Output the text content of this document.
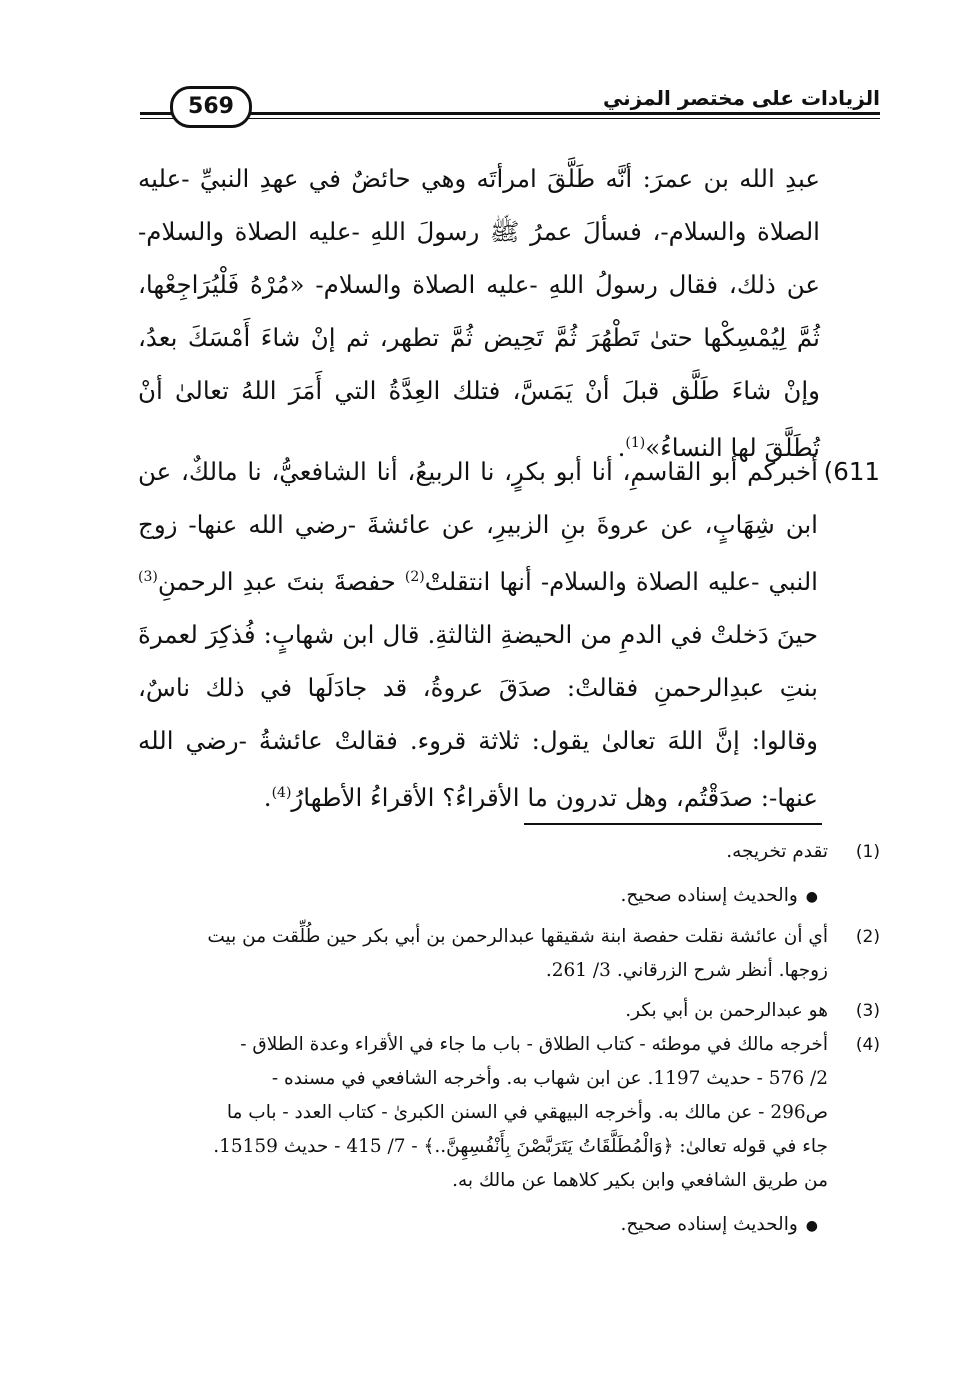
569	الزيادات على مختصر المزني

عبدِ الله بن عمرَ: أنَّه طَلَّقَ امرأتَه وهي حائضٌ في عهدِ النبيِّ -عليه الصلاة والسلام-، فسألَ عمرُ ﷺ رسولَ اللهِ -عليه الصلاة والسلام- عن ذلك، فقال رسولُ اللهِ -عليه الصلاة والسلام- «مُرْهُ فَلْيُرَاجِعْها، ثُمَّ لِيُمْسِكْها حتىٰ تَطْهُرَ ثُمَّ تَحِيض ثُمَّ تطهر، ثم إنْ شاءَ أَمْسَكَ بعدُ، وإنْ شاءَ طَلَّق قبلَ أنْ يَمَسَّ، فتلك العِدَّةُ التي أَمَرَ اللهُ تعالىٰ أنْ تُطَلَّقَ لها النساءُ»$^{(1)}$.

611)

أخبركم أبو القاسمِ، أنا أبو بكرٍ، نا الربيعُ، أنا الشافعيُّ، نا مالكٌ، عن ابن شِهَابٍ، عن عروةَ بنِ الزبيرِ، عن عائشةَ -رضي الله عنها- زوج النبي -عليه الصلاة والسلام- أنها انتقلتْ$^{(2)}$ حفصةَ بنتَ عبدِ الرحمنِ$^{(3)}$ حينَ دَخلتْ في الدمِ من الحيضةِ الثالثةِ. قال ابن شهابٍ: فُذكِرَ لعمرةَ بنتِ عبدِالرحمنِ فقالتْ: صدَقَ عروةُ، قد جادَلَها في ذلك ناسٌ، وقالوا: إنَّ اللهَ تعالىٰ يقول: ثلاثة قروء. فقالتْ عائشةُ -رضي الله عنها-: صدَقْتُم، وهل تدرون ما الأقراءُ؟ الأقراءُ الأطهارُ$^{(4)}$.

(1)
تقدم تخريجه.
●والحديث إسناده صحيح.
(2)
أي أن عائشة نقلت حفصة ابنة شقيقها عبدالرحمن بن أبي بكر حين طُلِّقت من بيت
زوجها. أنظر شرح الزرقاني. 3/ 261.
(3)
هو عبدالرحمن بن أبي بكر.
(4)
أخرجه مالك في موطئه - كتاب الطلاق - باب ما جاء في الأقراء وعدة الطلاق -
2/ 576 - حديث 1197. عن ابن شهاب به. وأخرجه الشافعي في مسنده -
ص296 - عن مالك به. وأخرجه البيهقي في السنن الكبرىٰ - كتاب العدد - باب ما
جاء في قوله تعالىٰ: ﴿وَالْمُطَلَّقَاتُ يَتَرَبَّصْنَ بِأَنْفُسِهِنَّ..﴾ - 7/ 415 - حديث 15159.
من طريق الشافعي وابن بكير كلاهما عن مالك به.
●والحديث إسناده صحيح.
